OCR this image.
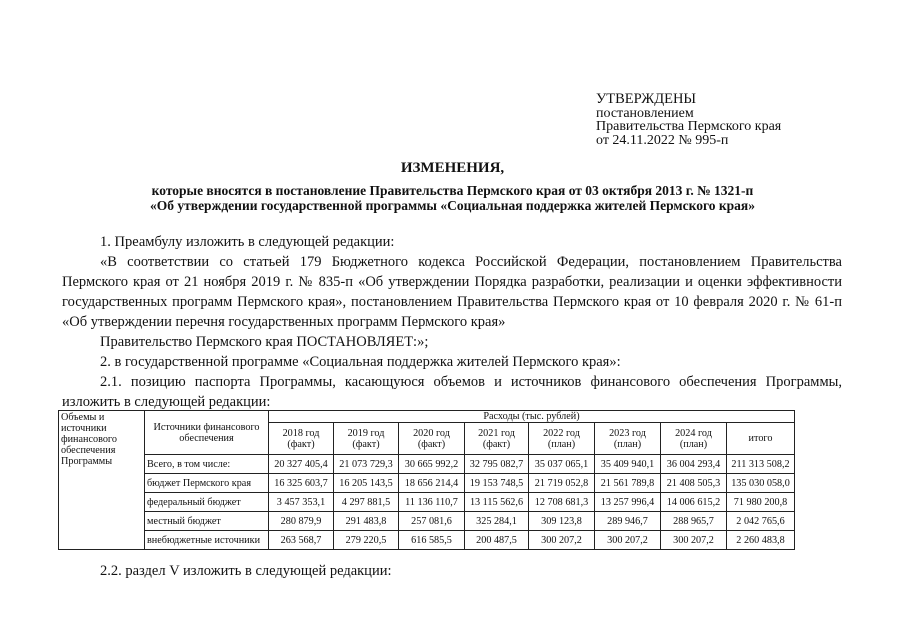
УТВЕРЖДЕНЫ
постановлением
Правительства Пермского края
от 24.11.2022 № 995-п
ИЗМЕНЕНИЯ,
которые вносятся в постановление Правительства Пермского края от 03 октября 2013 г. № 1321-п
«Об утверждении государственной программы «Социальная поддержка жителей Пермского края»

1. Преамбулу изложить в следующей редакции:

«В соответствии со статьей 179 Бюджетного кодекса Российской Федерации, постановлением Правительства Пермского края от 21 ноября 2019 г. № 835-п «Об утверждении Порядка разработки, реализации и оценки эффективности государственных программ Пермского края», постановлением Правительства Пермского края от 10 февраля 2020 г. № 61-п «Об утверждении перечня государственных программ Пермского края»

Правительство Пермского края ПОСТАНОВЛЯЕТ:»;

2. в государственной программе «Социальная поддержка жителей Пермского края»:

2.1. позицию паспорта Программы, касающуюся объемов и источников финансового обеспечения Программы, изложить в следующей редакции:

Объемы и источники финансового обеспечения Программы	Источники финансового обеспечения	Расходы (тыс. рублей)							
		2018 год (факт)	2019 год (факт)	2020 год (факт)	2021 год (факт)	2022 год (план)	2023 год (план)	2024 год (план)	итого
	Всего, в том числе:	20 327 405,4	21 073 729,3	30 665 992,2	32 795 082,7	35 037 065,1	35 409 940,1	36 004 293,4	211 313 508,2
	бюджет Пермского края	16 325 603,7	16 205 143,5	18 656 214,4	19 153 748,5	21 719 052,8	21 561 789,8	21 408 505,3	135 030 058,0
	федеральный бюджет	3 457 353,1	4 297 881,5	11 136 110,7	13 115 562,6	12 708 681,3	13 257 996,4	14 006 615,2	71 980 200,8
	местный бюджет	280 879,9	291 483,8	257 081,6	325 284,1	309 123,8	289 946,7	288 965,7	2 042 765,6
	внебюджетные источники	263 568,7	279 220,5	616 585,5	200 487,5	300 207,2	300 207,2	300 207,2	2 260 483,8
2.2. раздел V изложить в следующей редакции:
